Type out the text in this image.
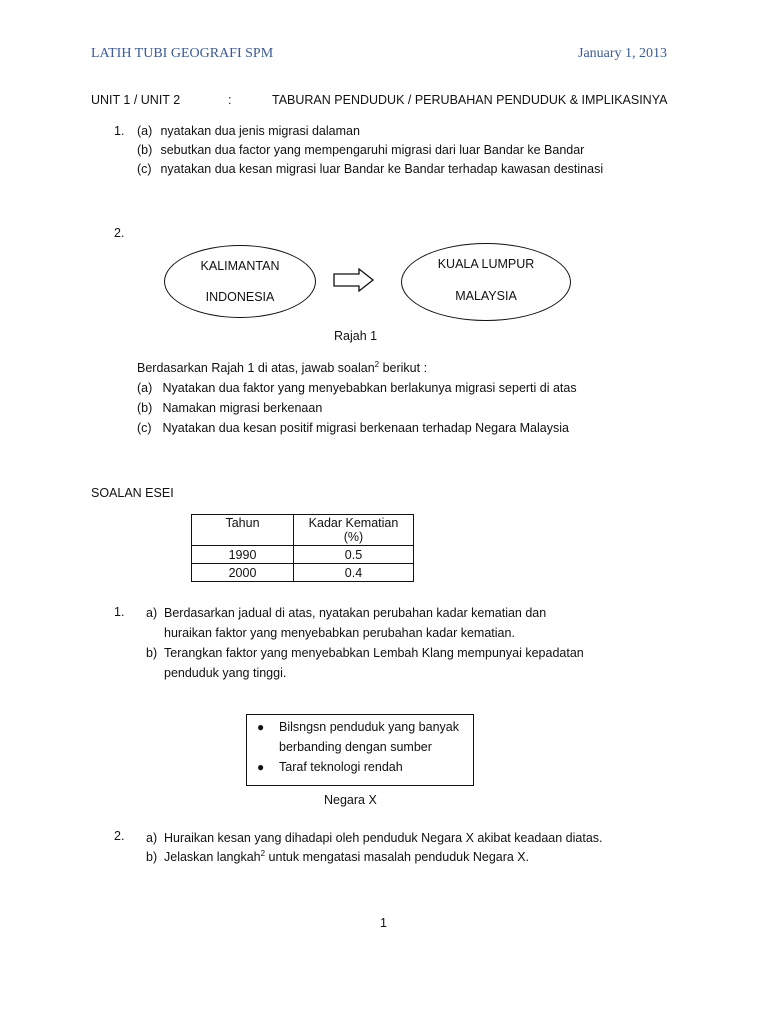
LATIH TUBI GEOGRAFI SPM	January 1, 2013
UNIT 1 / UNIT 2	:	TABURAN PENDUDUK / PERUBAHAN PENDUDUK & IMPLIKASINYA
1. (a) nyatakan dua jenis migrasi dalaman
(b) sebutkan dua factor yang mempengaruhi migrasi dari luar Bandar ke Bandar
(c) nyatakan dua kesan migrasi luar Bandar ke Bandar terhadap kawasan destinasi
2.
KALIMANTAN
INDONESIA
KUALA LUMPUR
MALAYSIA
Rajah 1
Berdasarkan Rajah 1 di atas, jawab soalan$^2$ berikut :
(a) Nyatakan dua faktor yang menyebabkan berlakunya migrasi seperti di atas
(b) Namakan migrasi berkenaan
(c) Nyatakan dua kesan positif migrasi berkenaan terhadap Negara Malaysia
SOALAN ESEI
Tahun	Kadar Kematian
(%)

1990	0.5
2000	0.4
1. a) Berdasarkan jadual di atas, nyatakan perubahan kadar kematian dan
huraikan faktor yang menyebabkan perubahan kadar kematian.
b) Terangkan faktor yang menyebabkan Lembah Klang mempunyai kepadatan
penduduk yang tinggi.
● Bilsngsn penduduk yang banyak
berbanding dengan sumber
● Taraf teknologi rendah
Negara X
2. a) Huraikan kesan yang dihadapi oleh penduduk Negara X akibat keadaan diatas.
b) Jelaskan langkah$^2$ untuk mengatasi masalah penduduk Negara X.
1
